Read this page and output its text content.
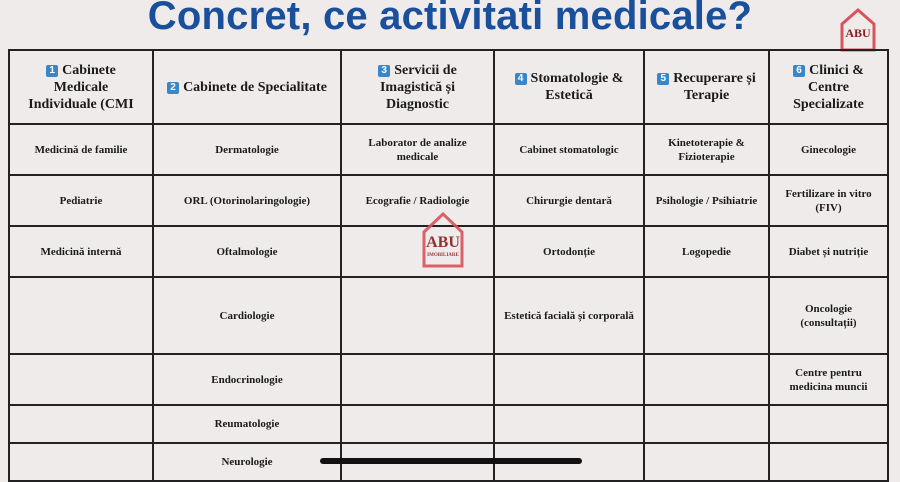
Concret, ce activitati medicale?	ABU
1 Cabinete Medicale Individuale (CMI	2 Cabinete de Specialitate	3 Servicii de Imagistică și Diagnostic	4 Stomatologie & Estetică	5 Recuperare și Terapie	6 Clinici & Centre Specializate
Medicină de familie	Dermatologie	Laborator de analize medicale	Cabinet stomatologic	Kinetoterapie & Fizioterapie	Ginecologie
Pediatrie	ORL (Otorinolaringologie)	Ecografie / Radiologie	Chirurgie dentară	Psihologie / Psihiatrie	Fertilizare in vitro (FIV)
Medicină internă	Oftalmologie		Ortodonție	Logopedie	Diabet și nutriție
	Cardiologie		Estetică facială și corporală		Oncologie (consultații)
	Endocrinologie				Centre pentru medicina muncii
	Reumatologie				
	Neurologie				
ABU
IMOBILIARE
